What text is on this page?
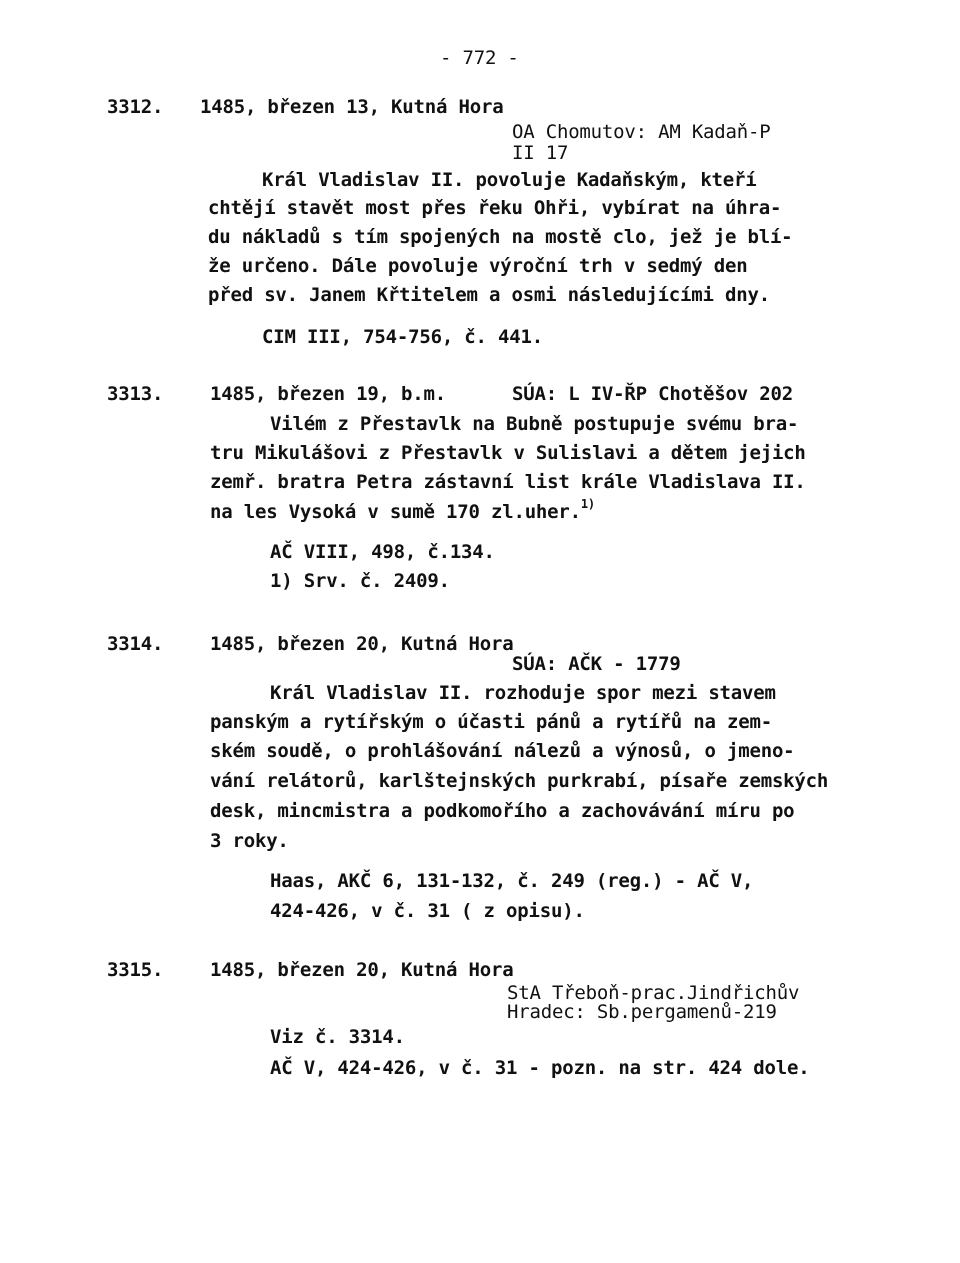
- 772 -
3312. 1485, březen 13, Kutná Hora
OA Chomutov: AM Kadaň-P
II 17
Král Vladislav II. povoluje Kadaňským, kteří
chtějí stavět most přes řeku Ohři, vybírat na úhra-
du nákladů s tím spojených na mostě clo, jež je blí-
že určeno. Dále povoluje výroční trh v sedmý den
před sv. Janem Křtitelem a osmi následujícími dny.
CIM III, 754-756, č. 441.
3313. 1485, březen 19, b.m.	SÚA: L IV-ŘP Chotěšov 202
Vilém z Přestavlk na Bubně postupuje svému bra-
tru Mikulášovi z Přestavlk v Sulislavi a dětem jejich
zemř. bratra Petra zástavní list krále Vladislava II.
na les Vysoká v sumě 170 zl.uher.$^{1)}$
AČ VIII, 498, č.134.
1) Srv. č. 2409.
3314. 1485, březen 20, Kutná Hora
SÚA: AČK - 1779
Král Vladislav II. rozhoduje spor mezi stavem
panským a rytířským o účasti pánů a rytířů na zem-
ském soudě, o prohlášování nálezů a výnosů, o jmeno-
vání relátorů, karlštejnských purkrabí, písaře zemských
desk, mincmistra a podkomořího a zachovávání míru po
3 roky.
Haas, AKČ 6, 131-132, č. 249 (reg.) - AČ V,
424-426, v č. 31 ( z opisu).
3315. 1485, březen 20, Kutná Hora
StA Třeboň-prac.Jindřichův
Hradec: Sb.pergamenů-219
Viz č. 3314.
AČ V, 424-426, v č. 31 - pozn. na str. 424 dole.
